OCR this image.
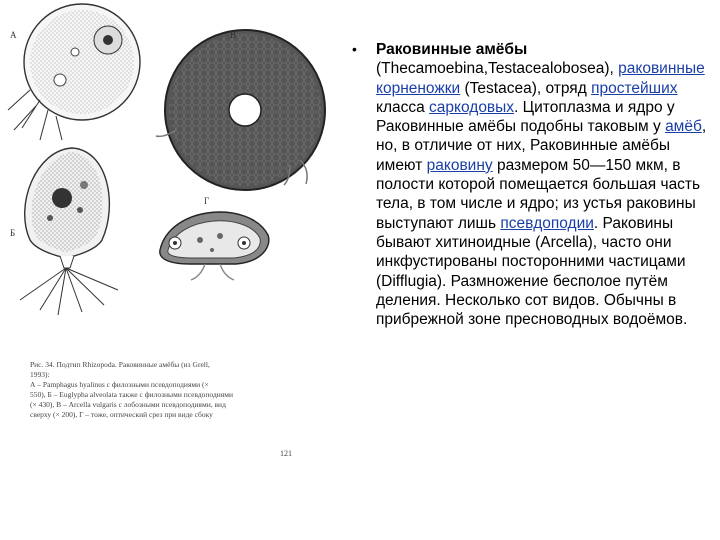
А	В
Б
Г

Рис. 34. Подтип Rhizopoda. Раковинные амёбы (из Grell,

1993):

А – Pamphagus hyalinus с филозными псевдоподиями (×

550), Б – Euglypha alveolata также с филозными псевдоподиями

(× 430), В – Arcella vulgaris с лобозными псевдоподиями, вид

сверху (× 200), Г – тоже, оптический срез при виде сбоку

121
• Раковинные амёбы (Thecamoebina,Testacealobosea), раковинные корненожки (Testacea), отряд простейших класса саркодовых. Цитоплазма и ядро у Раковинные амёбы подобны таковым у амёб, но, в отличие от них, Раковинные амёбы имеют раковину размером 50—150 мкм, в полости которой помещается большая часть тела, в том числе и ядро; из устья раковины выступают лишь псевдоподии. Раковины бывают хитиноидные (Arcella), часто они инкфустированы посторонними частицами (Difflugia). Размножение бесполое путём деления. Несколько сот видов. Обычны в прибрежной зоне пресноводных водоёмов.
